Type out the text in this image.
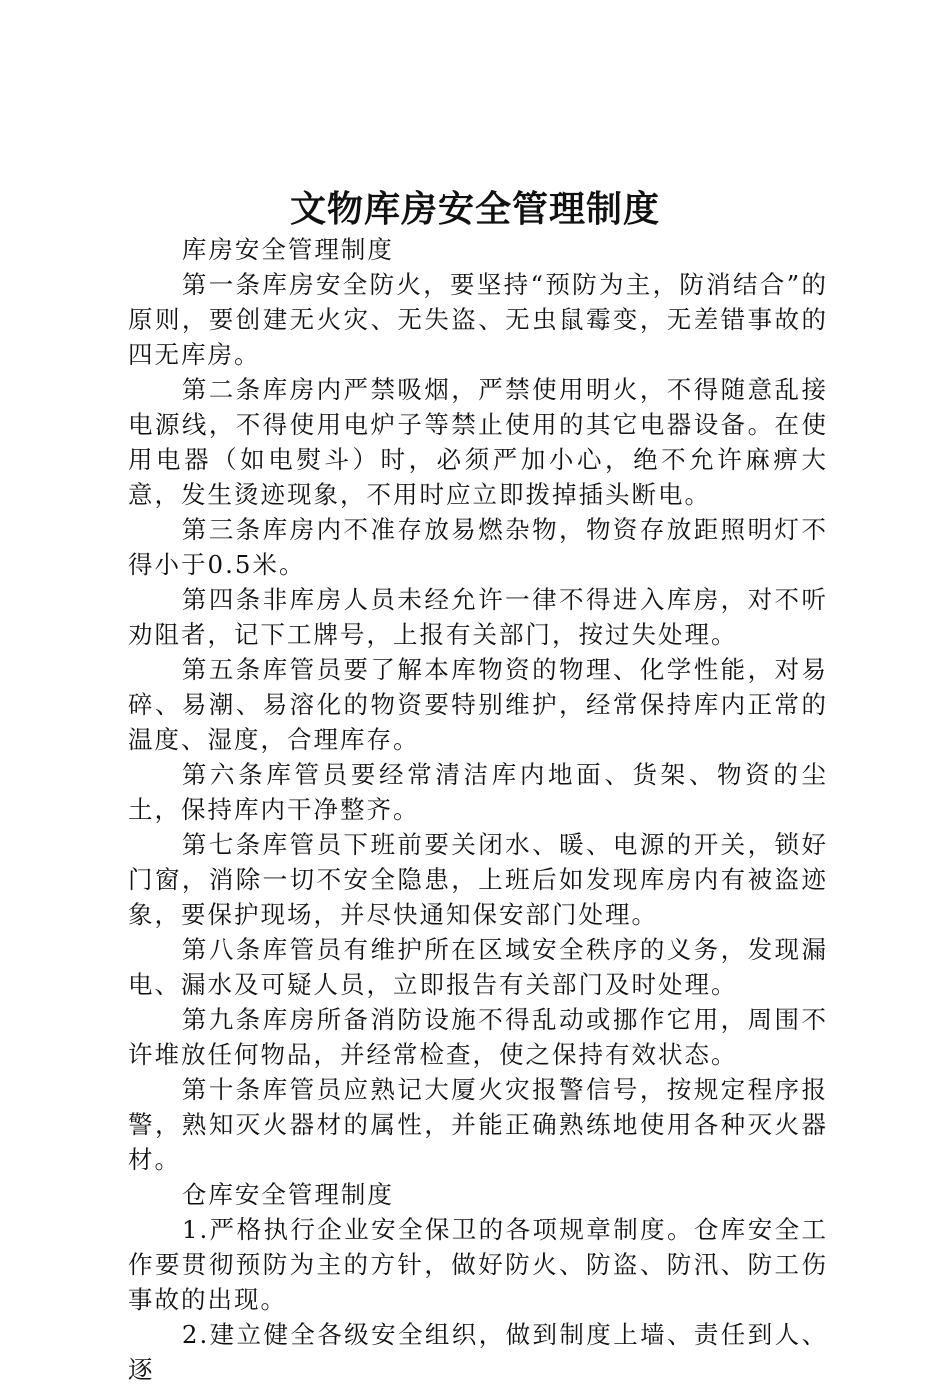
文物库房安全管理制度

库房安全管理制度

第一条库房安全防火，要坚持“预防为主，防消结合”的原则，要创建无火灾、无失盗、无虫鼠霉变，无差错事故的四无库房。

第二条库房内严禁吸烟，严禁使用明火，不得随意乱接电源线，不得使用电炉子等禁止使用的其它电器设备。在使用电器（如电熨斗）时，必须严加小心，绝不允许麻痹大意，发生烫迹现象，不用时应立即拨掉插头断电。

第三条库房内不准存放易燃杂物，物资存放距照明灯不得小于0.5米。

第四条非库房人员未经允许一律不得进入库房，对不听劝阻者，记下工牌号，上报有关部门，按过失处理。

第五条库管员要了解本库物资的物理、化学性能，对易碎、易潮、易溶化的物资要特别维护，经常保持库内正常的温度、湿度，合理库存。

第六条库管员要经常清洁库内地面、货架、物资的尘土，保持库内干净整齐。

第七条库管员下班前要关闭水、暖、电源的开关，锁好门窗，消除一切不安全隐患，上班后如发现库房内有被盗迹象，要保护现场，并尽快通知保安部门处理。

第八条库管员有维护所在区域安全秩序的义务，发现漏电、漏水及可疑人员，立即报告有关部门及时处理。

第九条库房所备消防设施不得乱动或挪作它用，周围不许堆放任何物品，并经常检查，使之保持有效状态。

第十条库管员应熟记大厦火灾报警信号，按规定程序报警，熟知灭火器材的属性，并能正确熟练地使用各种灭火器材。

仓库安全管理制度

1.严格执行企业安全保卫的各项规章制度。仓库安全工作要贯彻预防为主的方针，做好防火、防盗、防汛、防工伤事故的出现。

2.建立健全各级安全组织，做到制度上墙、责任到人、逐
